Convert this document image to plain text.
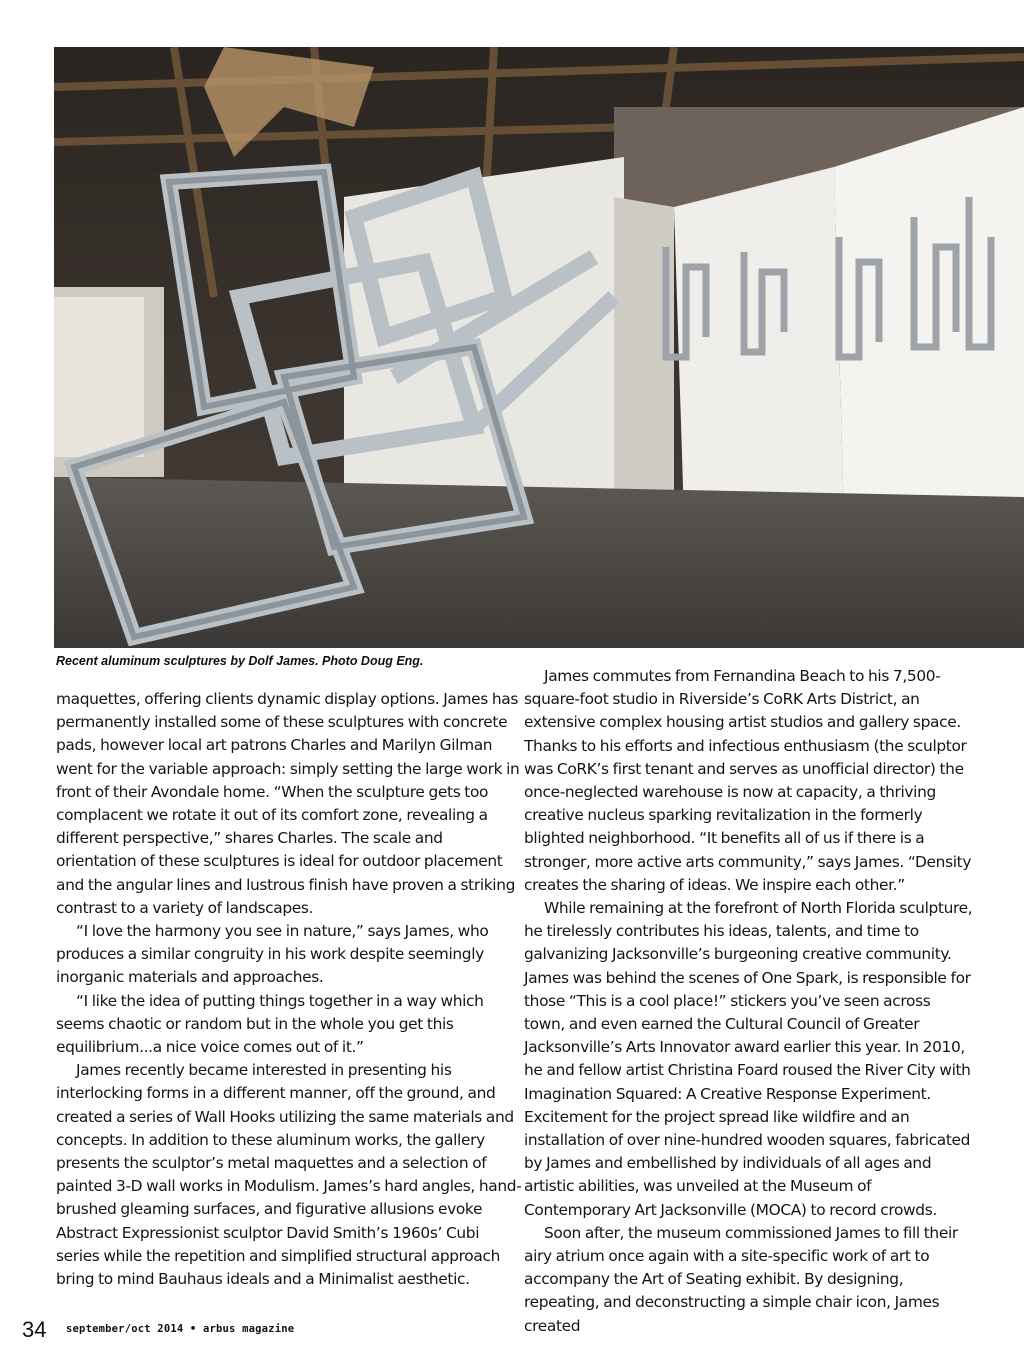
Recent aluminum sculptures by Dolf James. Photo Doug Eng.

maquettes, offering clients dynamic display options. James has permanently installed some of these sculptures with concrete pads, however local art patrons Charles and Marilyn Gilman went for the variable approach: simply setting the large work in front of their Avondale home. “When the sculpture gets too complacent we rotate it out of its comfort zone, revealing a different perspective,” shares Charles. The scale and orientation of these sculptures is ideal for outdoor placement and the angular lines and lustrous finish have proven a striking contrast to a variety of landscapes.

“I love the harmony you see in nature,” says James, who produces a similar congruity in his work despite seemingly inorganic materials and approaches.

“I like the idea of putting things together in a way which seems chaotic or random but in the whole you get this equilibrium...a nice voice comes out of it.”

James recently became interested in presenting his interlocking forms in a different manner, off the ground, and created a series of Wall Hooks utilizing the same materials and concepts. In addition to these aluminum works, the gallery presents the sculptor’s metal maquettes and a selection of painted 3-D wall works in Modulism. James’s hard angles, hand-brushed gleaming surfaces, and figurative allusions evoke Abstract Expressionist sculptor David Smith’s 1960s’ Cubi series while the repetition and simplified structural approach bring to mind Bauhaus ideals and a Minimalist aesthetic.

James commutes from Fernandina Beach to his 7,500-square-foot studio in Riverside’s CoRK Arts District, an extensive complex housing artist studios and gallery space. Thanks to his efforts and infectious enthusiasm (the sculptor was CoRK’s first tenant and serves as unofficial director) the once-neglected warehouse is now at capacity, a thriving creative nucleus sparking revitalization in the formerly blighted neighborhood. “It benefits all of us if there is a stronger, more active arts community,” says James. “Density creates the sharing of ideas. We inspire each other.”

While remaining at the forefront of North Florida sculpture, he tirelessly contributes his ideas, talents, and time to galvanizing Jacksonville’s burgeoning creative community. James was behind the scenes of One Spark, is responsible for those “This is a cool place!” stickers you’ve seen across town, and even earned the Cultural Council of Greater Jacksonville’s Arts Innovator award earlier this year. In 2010, he and fellow artist Christina Foard roused the River City with Imagination Squared: A Creative Response Experiment. Excitement for the project spread like wildfire and an installation of over nine-hundred wooden squares, fabricated by James and embellished by individuals of all ages and artistic abilities, was unveiled at the Museum of Contemporary Art Jacksonville (MOCA) to record crowds.

Soon after, the museum commissioned James to fill their airy atrium once again with a site-specific work of art to accompany the Art of Seating exhibit. By designing, repeating, and deconstructing a simple chair icon, James created

34 september/oct 2014 • arbus magazine
